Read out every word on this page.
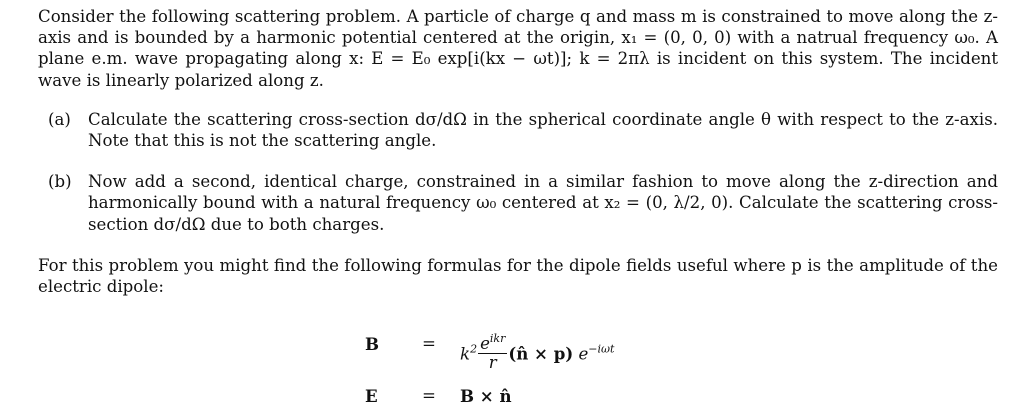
Consider the following scattering problem. A particle of charge q and mass m is constrained to move along the z-axis and is bounded by a harmonic potential centered at the origin, x₁ = (0, 0, 0) with a natrual frequency ω₀. A plane e.m. wave propagating along x: E = E₀ exp[i(kx − ωt)]; k = 2πλ is incident on this system. The incident wave is linearly polarized along z.

(a) Calculate the scattering cross-section dσ/dΩ in the spherical coordinate angle θ with respect to the z-axis. Note that this is not the scattering angle.
(b) Now add a second, identical charge, constrained in a similar fashion to move along the z-direction and harmonically bound with a natural frequency ω₀ centered at x₂ = (0, λ/2, 0). Calculate the scattering cross-section dσ/dΩ due to both charges.

For this problem you might find the following formulas for the dipole fields useful where p is the amplitude of the electric dipole:

B	=
$k^2 \frac{e^{ikr}}{r}$ (n̂ × p) $e^{-i\omega t}$
E	= B × n̂
